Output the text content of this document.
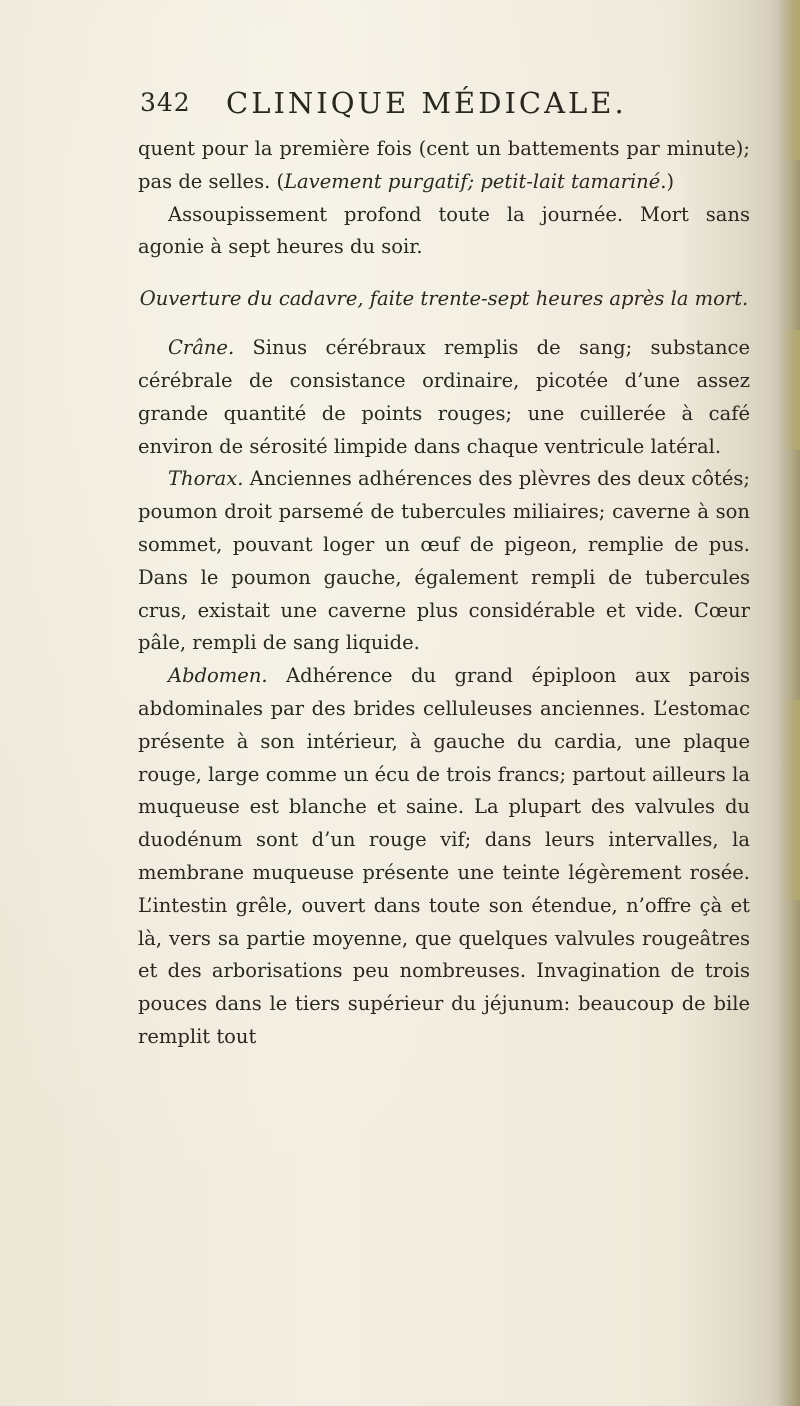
342 CLINIQUE MÉDICALE.

quent pour la première fois (cent un battements par minute); pas de selles. (Lavement purgatif; petit-lait tamariné.)

Assoupissement profond toute la journée. Mort sans agonie à sept heures du soir.

Ouverture du cadavre, faite trente-sept heures après la mort.

Crâne. Sinus cérébraux remplis de sang; substance cérébrale de consistance ordinaire, picotée d’une assez grande quantité de points rouges; une cuillerée à café environ de sérosité limpide dans chaque ventricule latéral.

Thorax. Anciennes adhérences des plèvres des deux côtés; poumon droit parsemé de tubercules miliaires; caverne à son sommet, pouvant loger un œuf de pigeon, remplie de pus. Dans le poumon gauche, également rempli de tubercules crus, existait une caverne plus considérable et vide. Cœur pâle, rempli de sang liquide.

Abdomen. Adhérence du grand épiploon aux parois abdominales par des brides celluleuses anciennes. L’estomac présente à son intérieur, à gauche du cardia, une plaque rouge, large comme un écu de trois francs; partout ailleurs la muqueuse est blanche et saine. La plupart des valvules du duodénum sont d’un rouge vif; dans leurs intervalles, la membrane muqueuse présente une teinte légèrement rosée. L’intestin grêle, ouvert dans toute son étendue, n’offre çà et là, vers sa partie moyenne, que quelques valvules rougeâtres et des arborisations peu nombreuses. Invagination de trois pouces dans le tiers supérieur du jéjunum: beaucoup de bile remplit tout
